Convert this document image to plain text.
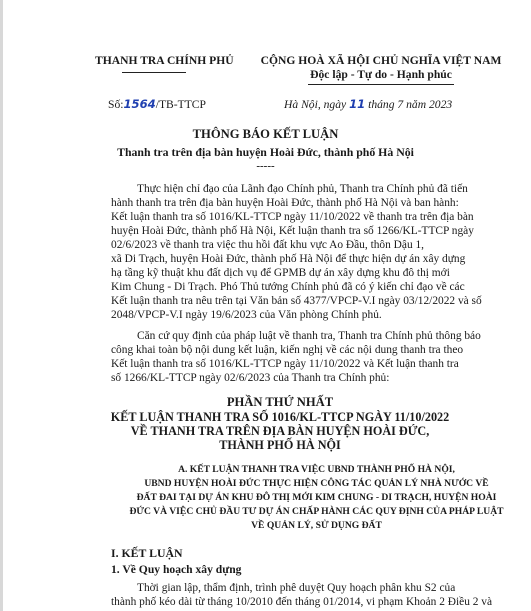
THANH TRA CHÍNH PHỦ	CỘNG HOÀ XÃ HỘI CHỦ NGHĨA VIỆT NAM
Độc lập - Tự do - Hạnh phúc
Số:1564/TB-TTCP	Hà Nội, ngày 11 tháng 7 năm 2023
THÔNG BÁO KẾT LUẬN
Thanh tra trên địa bàn huyện Hoài Đức, thành phố Hà Nội
-----
Thực hiện chỉ đạo của Lãnh đạo Chính phủ, Thanh tra Chính phủ đã tiến
hành thanh tra trên địa bàn huyện Hoài Đức, thành phố Hà Nội và ban hành:
Kết luận thanh tra số 1016/KL-TTCP ngày 11/10/2022 về thanh tra trên địa bàn
huyện Hoài Đức, thành phố Hà Nội, Kết luận thanh tra số 1266/KL-TTCP ngày
02/6/2023 về thanh tra việc thu hồi đất khu vực Ao Đầu, thôn Dậu 1,
xã Di Trạch, huyện Hoài Đức, thành phố Hà Nội để thực hiện dự án xây dựng
hạ tầng kỹ thuật khu đất dịch vụ để GPMB dự án xây dựng khu đô thị mới
Kim Chung - Di Trạch. Phó Thủ tướng Chính phủ đã có ý kiến chỉ đạo về các
Kết luận thanh tra nêu trên tại Văn bản số 4377/VPCP-V.I ngày 03/12/2022 và số
2048/VPCP-V.I ngày 19/6/2023 của Văn phòng Chính phủ.
Căn cứ quy định của pháp luật về thanh tra, Thanh tra Chính phủ thông báo
công khai toàn bộ nội dung kết luận, kiến nghị về các nội dung thanh tra theo
Kết luận thanh tra số 1016/KL-TTCP ngày 11/10/2022 và Kết luận thanh tra
số 1266/KL-TTCP ngày 02/6/2023 của Thanh tra Chính phủ:
PHẦN THỨ NHẤT
KẾT LUẬN THANH TRA SỐ 1016/KL-TTCP NGÀY 11/10/2022
VỀ THANH TRA TRÊN ĐỊA BÀN HUYỆN HOÀI ĐỨC,
THÀNH PHỐ HÀ NỘI
A. KẾT LUẬN THANH TRA VIỆC UBND THÀNH PHỐ HÀ NỘI,
UBND HUYỆN HOÀI ĐỨC THỰC HIỆN CÔNG TÁC QUẢN LÝ NHÀ NƯỚC VỀ
ĐẤT ĐAI TẠI DỰ ÁN KHU ĐÔ THỊ MỚI KIM CHUNG - DI TRẠCH, HUYỆN HOÀI
ĐỨC VÀ VIỆC CHỦ ĐẦU TƯ DỰ ÁN CHẤP HÀNH CÁC QUY ĐỊNH CỦA PHÁP LUẬT
VỀ QUẢN LÝ, SỬ DỤNG ĐẤT
I. KẾT LUẬN
1. Về Quy hoạch xây dựng
Thời gian lập, thẩm định, trình phê duyệt Quy hoạch phân khu S2 của
thành phố kéo dài từ tháng 10/2010 đến tháng 01/2014, vi phạm Khoản 2 Điều 2 và
